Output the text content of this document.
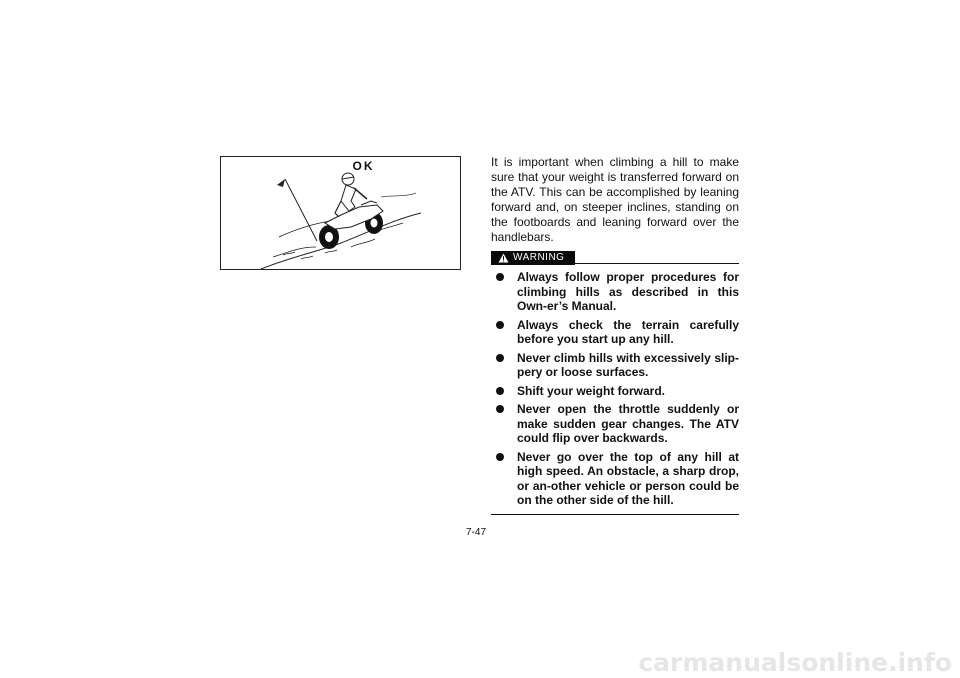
OK	It is important when climbing a hill to make sure that your weight is transferred forward on the ATV. This can be accomplished by leaning forward and, on steeper inclines, standing on the footboards and leaning forward over the handlebars.

WARNING
Always follow proper procedures for climbing hills as described in this Own-er’s Manual.
Always check the terrain carefully before you start up any hill.
Never climb hills with excessively slip-pery or loose surfaces.
Shift your weight forward.
Never open the throttle suddenly or make sudden gear changes. The ATV could flip over backwards.
Never go over the top of any hill at high speed. An obstacle, a sharp drop, or an-other vehicle or person could be on the other side of the hill.
7-47
carmanualsonline.info
